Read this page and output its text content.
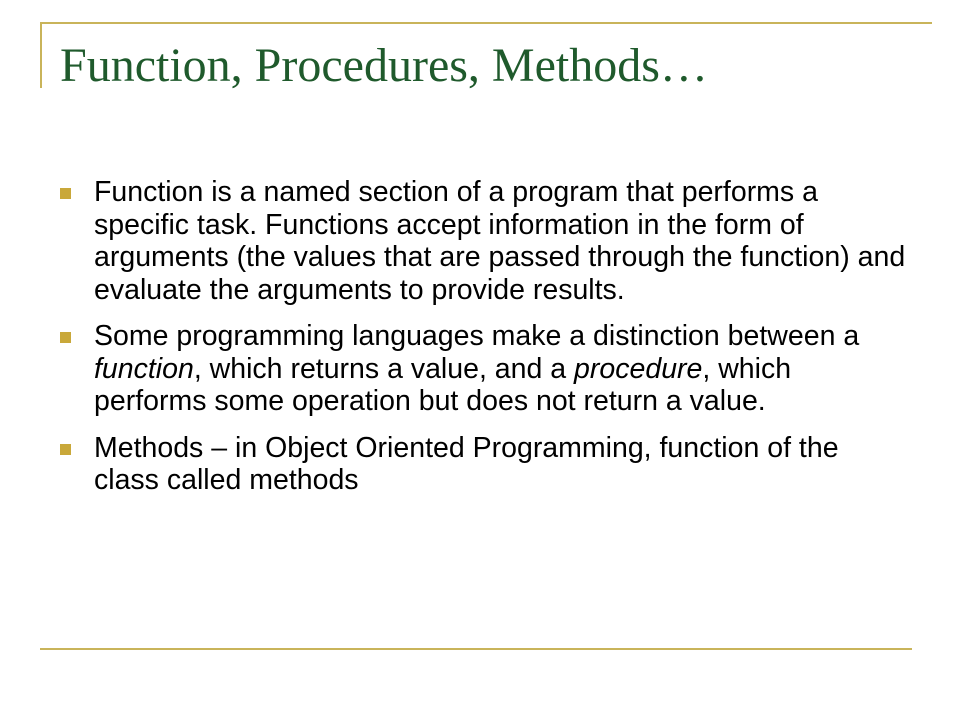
Function, Procedures, Methods…
Function is a named section of a program that performs a specific task. Functions accept information in the form of arguments (the values that are passed through the function) and evaluate the arguments to provide results.
Some programming languages make a distinction between a function, which returns a value, and a procedure, which performs some operation but does not return a value.
Methods – in Object Oriented Programming, function of the class called methods
